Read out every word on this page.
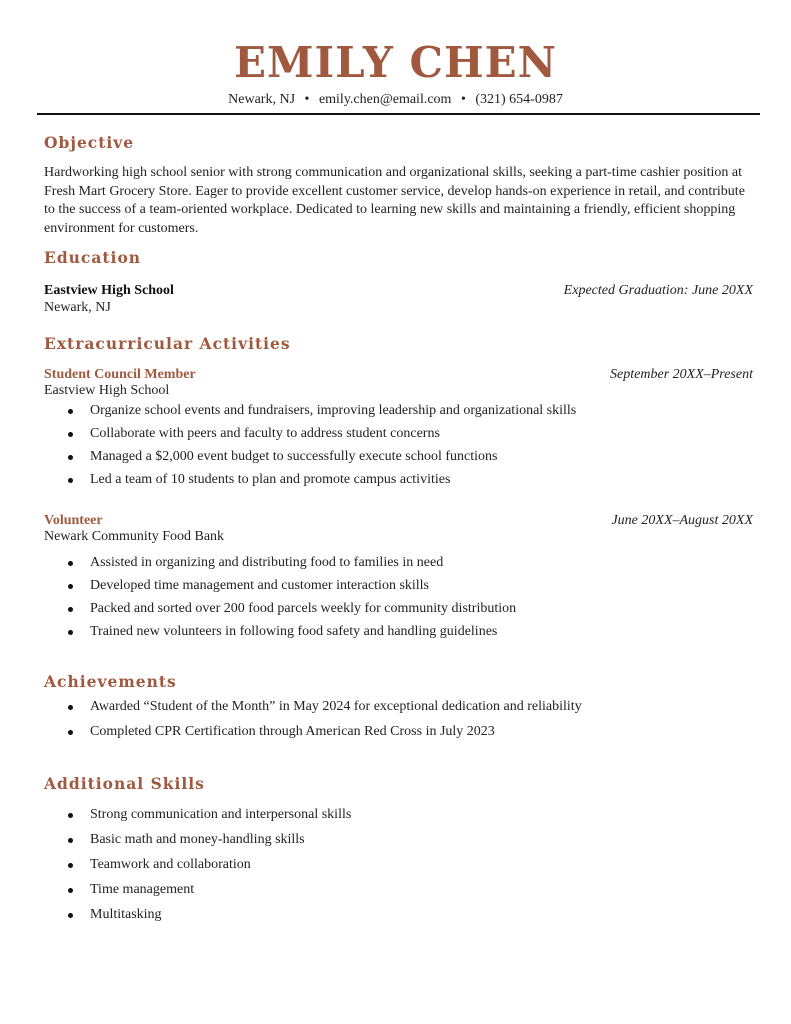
EMILY CHEN
Newark, NJ • emily.chen@email.com • (321) 654-0987
Objective
Hardworking high school senior with strong communication and organizational skills, seeking a part-time cashier position at Fresh Mart Grocery Store. Eager to provide excellent customer service, develop hands-on experience in retail, and contribute to the success of a team-oriented workplace. Dedicated to learning new skills and maintaining a friendly, efficient shopping environment for customers.
Education
Eastview High School	Expected Graduation: June 20XX
Newark, NJ
Extracurricular Activities
Student Council Member	September 20XX–Present
Eastview High School
Organize school events and fundraisers, improving leadership and organizational skills
Collaborate with peers and faculty to address student concerns
Managed a $2,000 event budget to successfully execute school functions
Led a team of 10 students to plan and promote campus activities
Volunteer	June 20XX–August 20XX
Newark Community Food Bank
Assisted in organizing and distributing food to families in need
Developed time management and customer interaction skills
Packed and sorted over 200 food parcels weekly for community distribution
Trained new volunteers in following food safety and handling guidelines
Achievements
Awarded “Student of the Month” in May 2024 for exceptional dedication and reliability
Completed CPR Certification through American Red Cross in July 2023
Additional Skills
Strong communication and interpersonal skills
Basic math and money-handling skills
Teamwork and collaboration
Time management
Multitasking
